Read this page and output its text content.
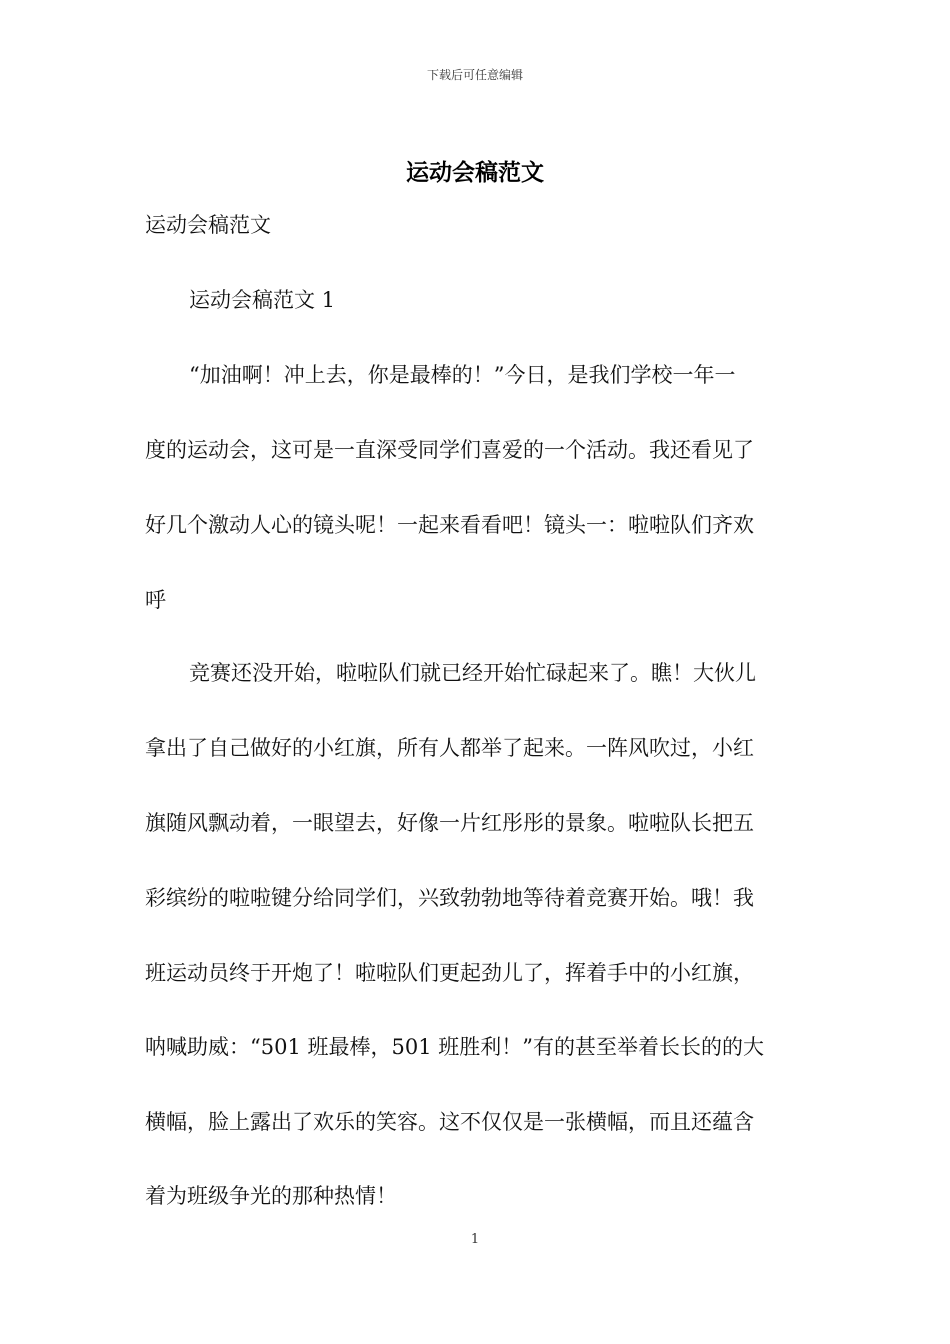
下载后可任意编辑
运动会稿范文
运动会稿范文
运动会稿范文 1
“加油啊！冲上去，你是最棒的！”今日，是我们学校一年一
度的运动会，这可是一直深受同学们喜爱的一个活动。我还看见了
好几个激动人心的镜头呢！一起来看看吧！镜头一：啦啦队们齐欢
呼
竞赛还没开始，啦啦队们就已经开始忙碌起来了。瞧！大伙儿
拿出了自己做好的小红旗，所有人都举了起来。一阵风吹过，小红
旗随风飘动着，一眼望去，好像一片红彤彤的景象。啦啦队长把五
彩缤纷的啦啦键分给同学们，兴致勃勃地等待着竞赛开始。哦！我
班运动员终于开炮了！啦啦队们更起劲儿了，挥着手中的小红旗，
呐喊助威：“501 班最棒，501 班胜利！”有的甚至举着长长的的大
横幅，脸上露出了欢乐的笑容。这不仅仅是一张横幅，而且还蕴含
着为班级争光的那种热情！
1
